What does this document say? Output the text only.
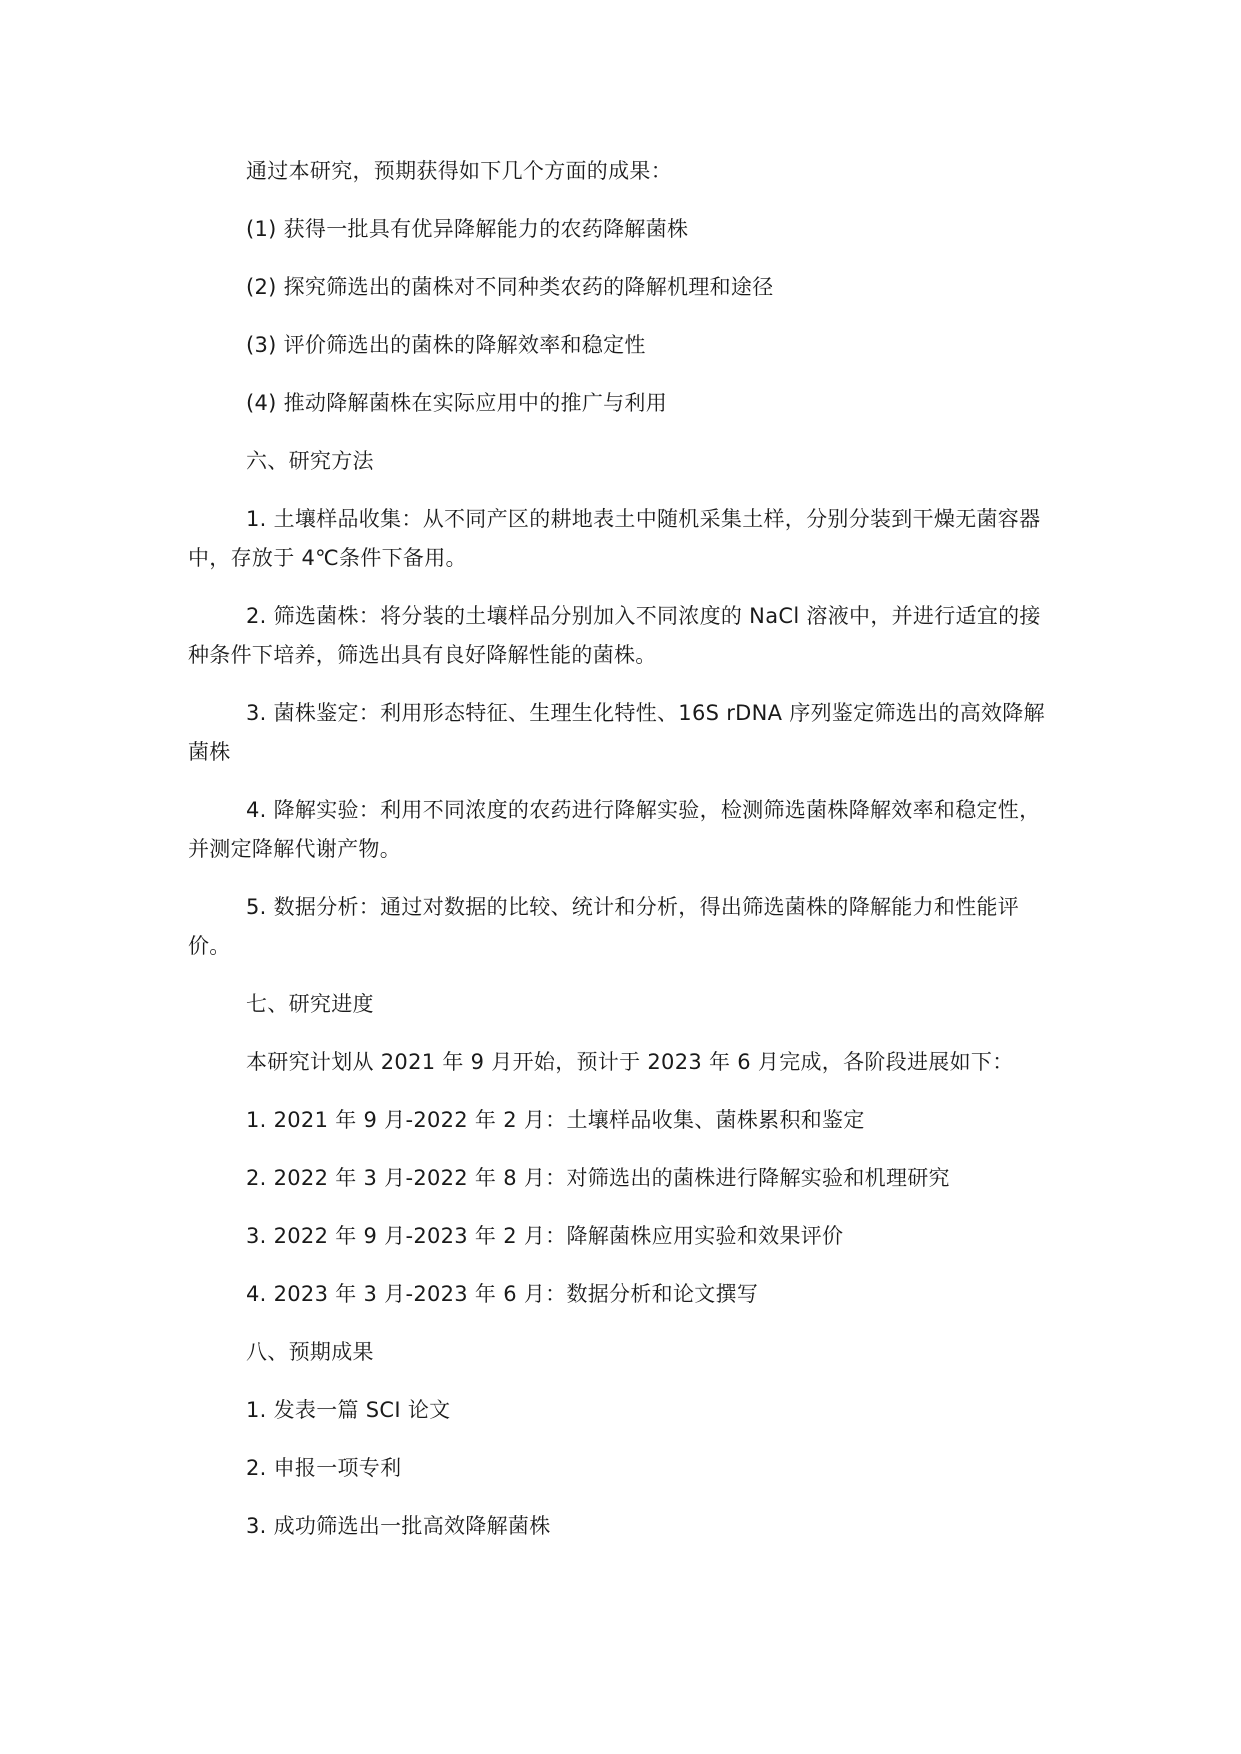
通过本研究，预期获得如下几个方面的成果：

(1) 获得一批具有优异降解能力的农药降解菌株

(2) 探究筛选出的菌株对不同种类农药的降解机理和途径

(3) 评价筛选出的菌株的降解效率和稳定性

(4) 推动降解菌株在实际应用中的推广与利用

六、研究方法

1. 土壤样品收集：从不同产区的耕地表土中随机采集土样，分别分装到干燥无菌容器中，存放于 4℃条件下备用。

2. 筛选菌株：将分装的土壤样品分别加入不同浓度的 NaCl 溶液中，并进行适宜的接种条件下培养，筛选出具有良好降解性能的菌株。

3. 菌株鉴定：利用形态特征、生理生化特性、16S rDNA 序列鉴定筛选出的高效降解菌株

4. 降解实验：利用不同浓度的农药进行降解实验，检测筛选菌株降解效率和稳定性，并测定降解代谢产物。

5. 数据分析：通过对数据的比较、统计和分析，得出筛选菌株的降解能力和性能评价。

七、研究进度

本研究计划从 2021 年 9 月开始，预计于 2023 年 6 月完成，各阶段进展如下：

1. 2021 年 9 月-2022 年 2 月：土壤样品收集、菌株累积和鉴定

2. 2022 年 3 月-2022 年 8 月：对筛选出的菌株进行降解实验和机理研究

3. 2022 年 9 月-2023 年 2 月：降解菌株应用实验和效果评价

4. 2023 年 3 月-2023 年 6 月：数据分析和论文撰写

八、预期成果

1. 发表一篇 SCI 论文

2. 申报一项专利

3. 成功筛选出一批高效降解菌株
